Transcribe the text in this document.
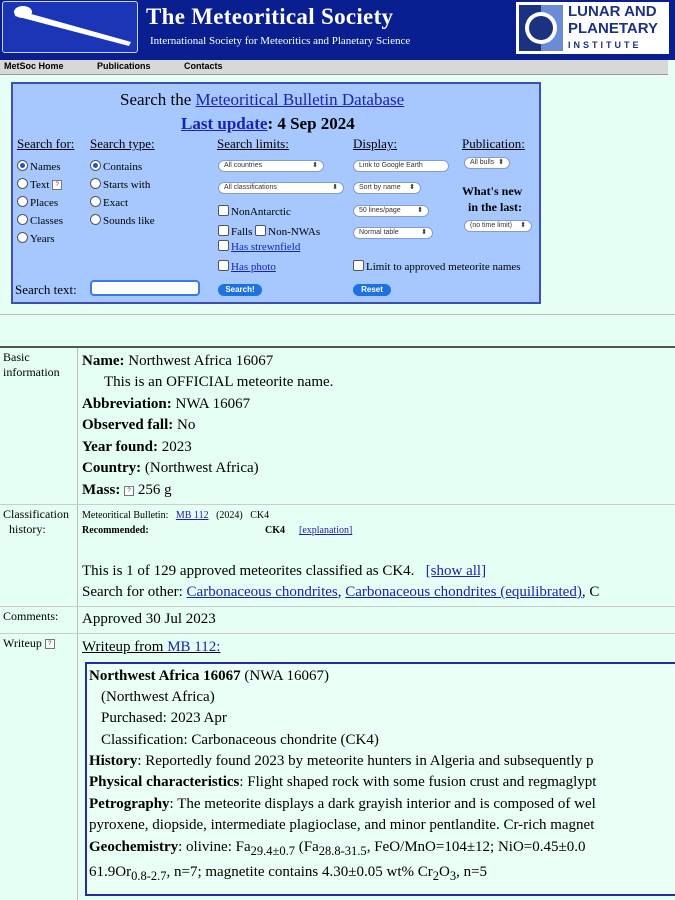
The Meteoritical Society
International Society for Meteoritics and Planetary Science
LUNAR AND
PLANETARY
INSTITUTE
MetSoc Home	Publications	Contacts
Search the Meteoritical Bulletin Database
Last update: 4 Sep 2024
Search for:
Names
Text ?
Places
Classes
Years
Search type:
Contains
Starts with
Exact
Sounds like
Search limits:
All countries	⬍
All classifications	⬍
NonAntarctic
Falls Non-NWAs
Has strewnfield
Has photo
Display:
Link to Google Earth
Sort by name ⬍
50 lines/page ⬍
Normal table	⬍
Limit to approved meteorite names
Publication:
All bulls ⬍
What's new
in the last:
(no time limit) ⬍
Search text:	Search!	Reset
Basic
information
Name: Northwest Africa 16067
This is an OFFICIAL meteorite name.
Abbreviation: NWA 16067
Observed fall: No
Year found: 2023
Country: (Northwest Africa)
Mass: ? 256 g
Classification
history:
Meteoritical Bulletin: MB 112 (2024) CK4
Recommended:	CK4 [explanation]
This is 1 of 129 approved meteorites classified as CK4. [show all]
Search for other: Carbonaceous chondrites, Carbonaceous chondrites (equilibrated), C
Comments:	Approved 30 Jul 2023
Writeup ?	Writeup from MB 112:
Northwest Africa 16067 (NWA 16067)
(Northwest Africa)
Purchased: 2023 Apr
Classification: Carbonaceous chondrite (CK4)
History: Reportedly found 2023 by meteorite hunters in Algeria and subsequently p
Physical characteristics: Flight shaped rock with some fusion crust and regmaglypt
Petrography: The meteorite displays a dark grayish interior and is composed of wel
pyroxene, diopside, intermediate plagioclase, and minor pentlandite. Cr-rich magnet
Geochemistry: olivine: $Fa_{29.4\pm 0.7}$ ($Fa_{28.8-31.5}$, FeO/MnO=104±12; NiO=0.45±0.0
$61.9Or_{0.8-2.7}$, n=7; magnetite contains 4.30±0.05 wt% $Cr_2O_3$, n=5
